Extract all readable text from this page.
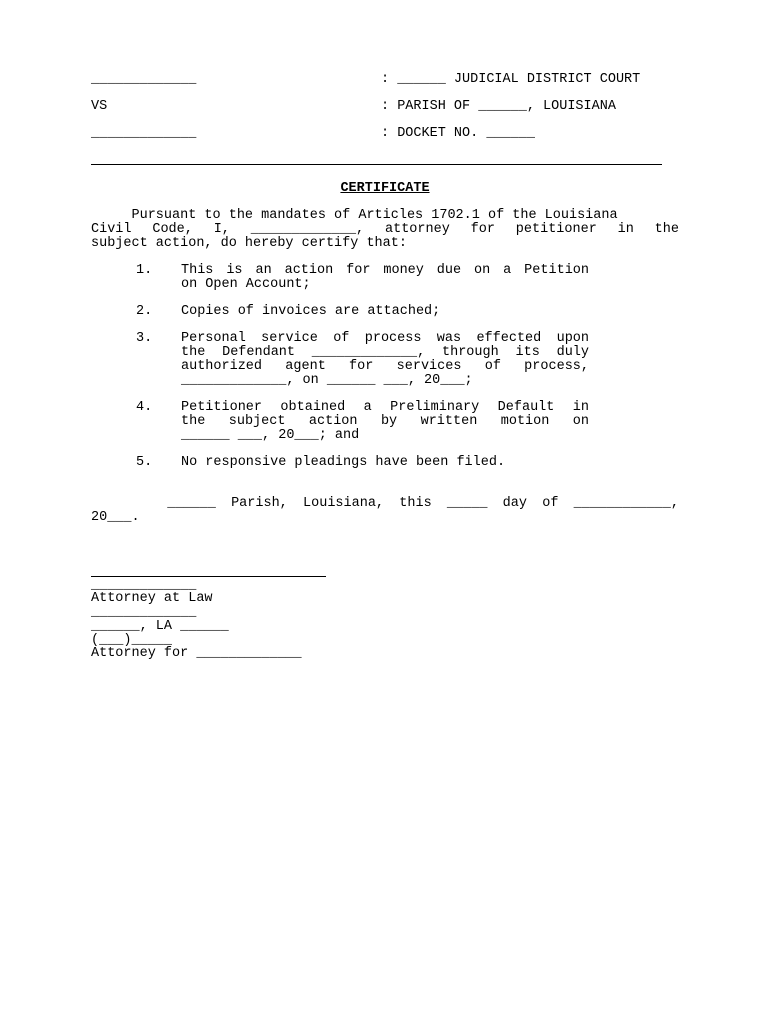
_____________	: ______ JUDICIAL DISTRICT COURT
VS	: PARISH OF ______, LOUISIANA
_____________	: DOCKET NO. ______
CERTIFICATE
Pursuant to the mandates of Articles 1702.1 of the Louisiana
Civil Code, I, _____________, attorney for petitioner in the
subject action, do hereby certify that:
1. This is an action for money due on a Petition
on Open Account;
2. Copies of invoices are attached;
3. Personal service of process was effected upon
the Defendant _____________, through its duly
authorized agent for services of process,
_____________, on ______ ___, 20___;
4. Petitioner obtained a Preliminary Default in
the subject action by written motion on
______ ___, 20___; and
5. No responsive pleadings have been filed.
______ Parish, Louisiana, this _____ day of ____________,
20___.
_____________
Attorney at Law
_____________
______, LA ______
(___)_____
Attorney for _____________
